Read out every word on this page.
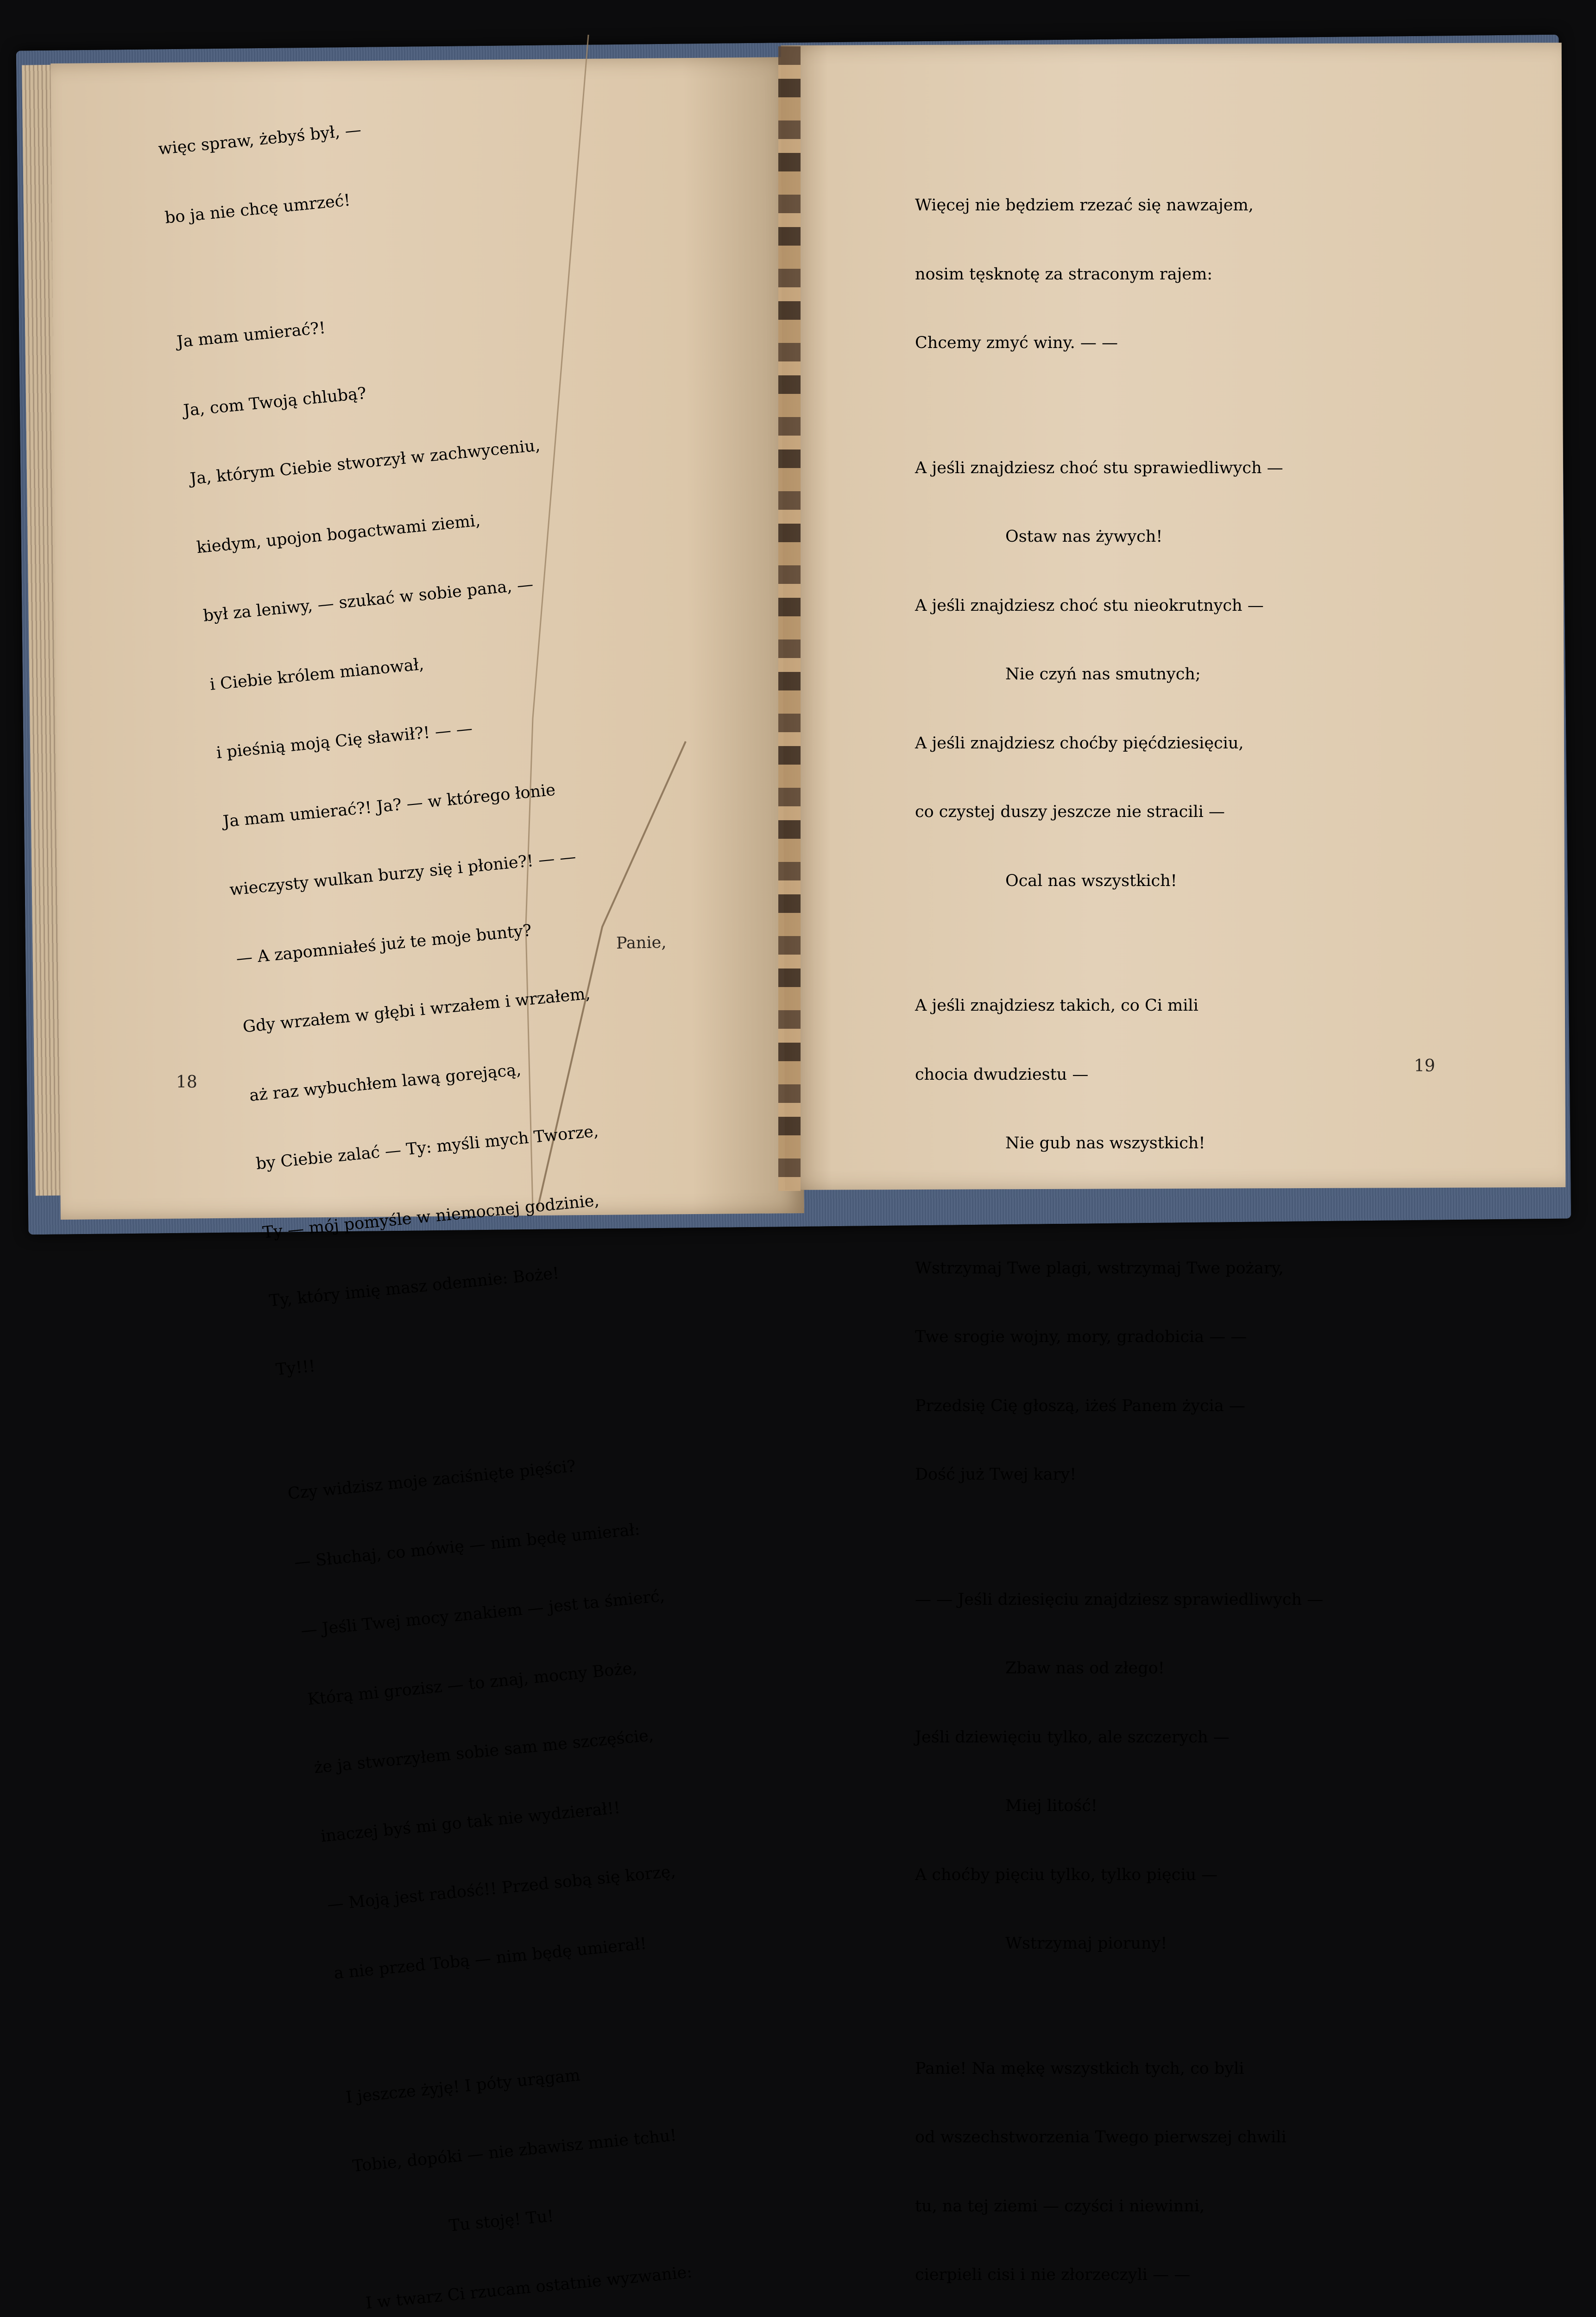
więc spraw, żebyś był, —

bo ja nie chcę umrzeć!

Ja mam umierać?!

Ja, com Twoją chlubą?

Ja, którym Ciebie stworzył w zachwyceniu,

kiedym, upojon bogactwami ziemi,

był za leniwy, — szukać w sobie pana, —

i Ciebie królem mianował,

i pieśnią moją Cię sławił?! — —

Ja mam umierać?! Ja? — w którego łonie

wieczysty wulkan burzy się i płonie?! — —

— A zapomniałeś już te moje bunty?

Gdy wrzałem w głębi i wrzałem i wrzałem,

aż raz wybuchłem lawą gorejącą,

by Ciebie zalać — Ty: myśli mych Tworze,

Ty — mój pomyśle w niemocnej godzinie,

Ty, który imię masz odemnie: Boże!

Ty!!!

Czy widzisz moje zaciśnięte pięści?

— Słuchaj, co mówię — nim będę umierał:

— Jeśli Twej mocy znakiem — jest ta śmierć,

Którą mi grozisz — to znaj, mocny Boże,

że ja stworzyłem sobie sam me szczęście,

inaczej byś mi go tak nie wydzierał!!

— Moją jest radość!! Przed sobą się korzę,

a nie przed Tobą — nim będę umierał!

I jeszcze żyję! I póty urągam

Tobie, dopóki — nie zbawisz mnie tchu!

Tu stoję! Tu!

I w twarz Ci rzucam ostatnie wyzwanie:

Panie,
18

Więcej nie będziem rzezać się nawzajem,

nosim tęsknotę za straconym rajem:

Chcemy zmyć winy. — —

A jeśli znajdziesz choć stu sprawiedliwych —

Ostaw nas żywych!

A jeśli znajdziesz choć stu nieokrutnych —

Nie czyń nas smutnych;

A jeśli znajdziesz choćby pięćdziesięciu,

co czystej duszy jeszcze nie stracili —

Ocal nas wszystkich!

A jeśli znajdziesz takich, co Ci mili

chocia dwudziestu —

Nie gub nas wszystkich!

Wstrzymaj Twe plagi, wstrzymaj Twe pożary,

Twe srogie wojny, mory, gradobicia — —

Przedsię Cię głoszą, iżeś Panem życia —

Dość już Twej kary!

— — Jeśli dziesięciu znajdziesz sprawiedliwych —

Zbaw nas od złego!

Jeśli dziewięciu tylko, ale szczerych —

Miej litość!

A choćby pięciu tylko, tylko pięciu —

Wstrzymaj pioruny!

Panie! Na mękę wszystkich tych, co byli

od wszechstworzenia Twego pierwszej chwili

tu, na tej ziemi — czyści i niewinni,

cierpieli cisi i nie złorzeczyli — —

19
